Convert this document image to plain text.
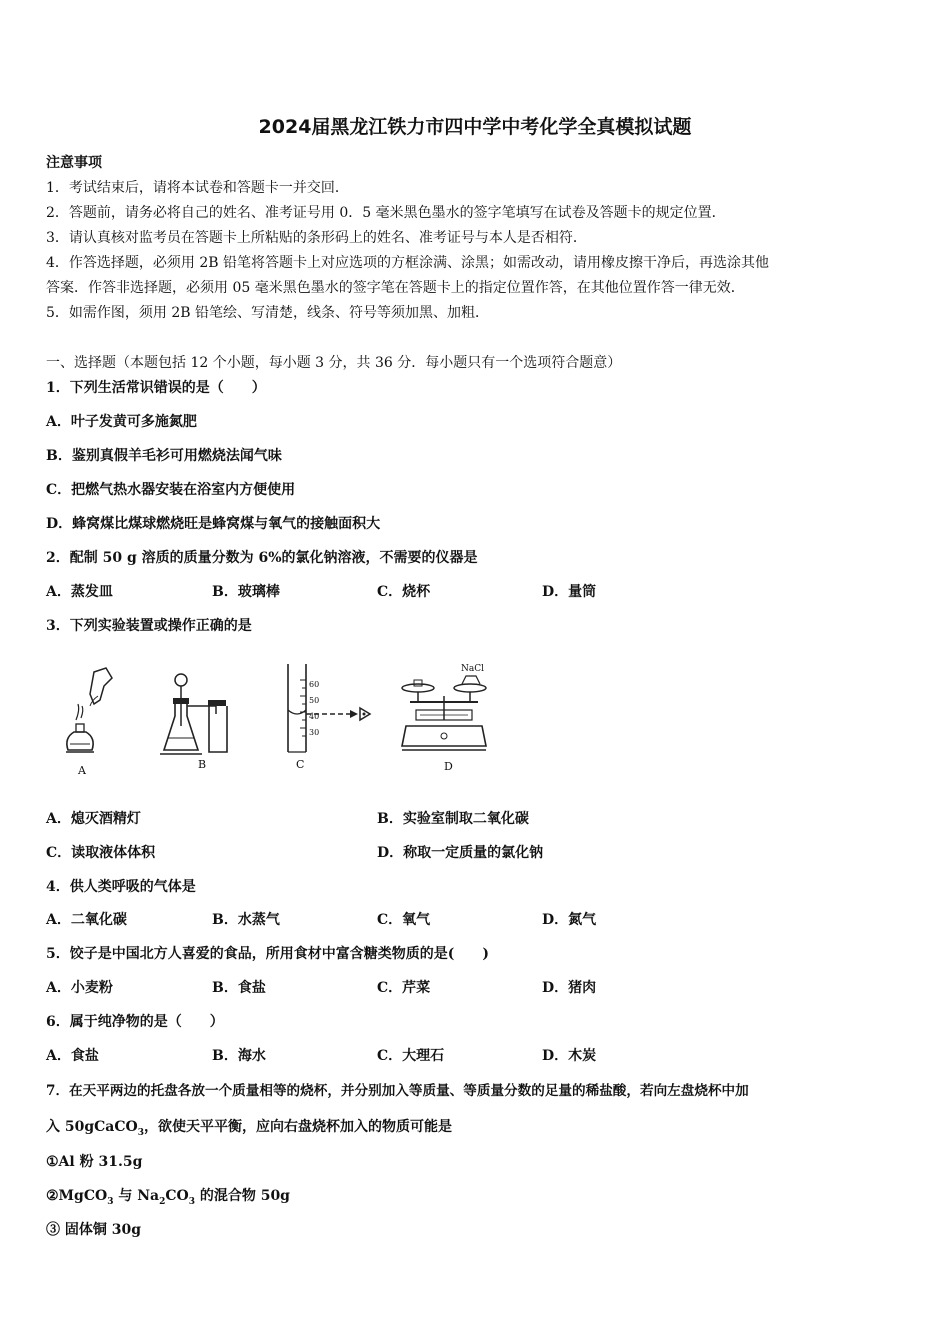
2024届黑龙江铁力市四中学中考化学全真模拟试题
注意事项
1．考试结束后，请将本试卷和答题卡一并交回．
2．答题前，请务必将自己的姓名、准考证号用 0．5 毫米黑色墨水的签字笔填写在试卷及答题卡的规定位置．
3．请认真核对监考员在答题卡上所粘贴的条形码上的姓名、准考证号与本人是否相符．
4．作答选择题，必须用 2B 铅笔将答题卡上对应选项的方框涂满、涂黑；如需改动，请用橡皮擦干净后，再选涂其他
答案．作答非选择题，必须用 05 毫米黑色墨水的签字笔在答题卡上的指定位置作答，在其他位置作答一律无效．
5．如需作图，须用 2B 铅笔绘、写清楚，线条、符号等须加黑、加粗．
一、选择题（本题包括 12 个小题，每小题 3 分，共 36 分．每小题只有一个选项符合题意）
1．下列生活常识错误的是（　　）
A．叶子发黄可多施氮肥
B．鉴别真假羊毛衫可用燃烧法闻气味
C．把燃气热水器安装在浴室内方便使用
D．蜂窝煤比煤球燃烧旺是蜂窝煤与氧气的接触面积大
2．配制 50 g 溶质的质量分数为 6%的氯化钠溶液，不需要的仪器是
A．蒸发皿	B．玻璃棒	C．烧杯	D．量筒
3．下列实验装置或操作正确的是
A	B
60
50
40
30
C
NaCl
D
A．熄灭酒精灯	B．实验室制取二氧化碳
C．读取液体体积	D．称取一定质量的氯化钠
4．供人类呼吸的气体是
A．二氧化碳	B．水蒸气	C．氧气	D．氮气
5．饺子是中国北方人喜爱的食品，所用食材中富含糖类物质的是(　　)
A．小麦粉	B．食盐	C．芹菜	D．猪肉
6．属于纯净物的是（　　）
A．食盐	B．海水	C．大理石	D．木炭
7．在天平两边的托盘各放一个质量相等的烧杯，并分别加入等质量、等质量分数的足量的稀盐酸，若向左盘烧杯中加
入 50gCaCO$_3$，欲使天平平衡，应向右盘烧杯加入的物质可能是
①Al 粉 31.5g
②MgCO$_3$ 与 $Na_2CO_3$ 的混合物 50g
③ 固体铜 30g
